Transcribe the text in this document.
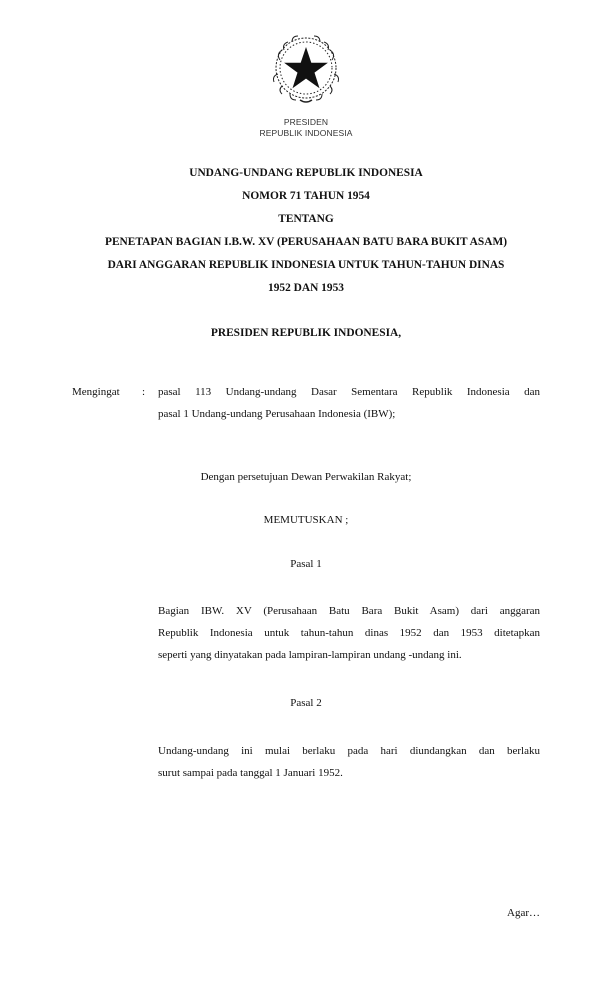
PRESIDEN
REPUBLIK INDONESIA
UNDANG-UNDANG REPUBLIK INDONESIA
NOMOR 71 TAHUN 1954
TENTANG
PENETAPAN BAGIAN I.B.W. XV (PERUSAHAAN BATU BARA BUKIT ASAM)
DARI ANGGARAN REPUBLIK INDONESIA UNTUK TAHUN-TAHUN DINAS
1952 DAN 1953
PRESIDEN REPUBLIK INDONESIA,
Mengingat : pasal 113 Undang-undang Dasar Sementara Republik Indonesia dan
pasal 1 Undang-undang Perusahaan Indonesia (IBW);
Dengan persetujuan Dewan Perwakilan Rakyat;
MEMUTUSKAN ;
Pasal 1
Bagian IBW. XV (Perusahaan Batu Bara Bukit Asam) dari anggaran
Republik Indonesia untuk tahun-tahun dinas 1952 dan 1953 ditetapkan
seperti yang dinyatakan pada lampiran-lampiran undang -undang ini.
Pasal 2
Undang-undang ini mulai berlaku pada hari diundangkan dan berlaku
surut sampai pada tanggal 1 Januari 1952.
Agar…
